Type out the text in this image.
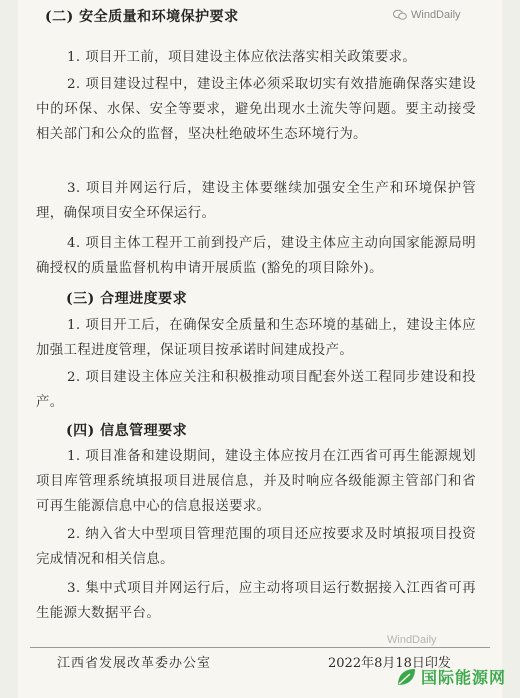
WindDaily
(二) 安全质量和环境保护要求
1. 项目开工前，项目建设主体应依法落实相关政策要求。
2. 项目建设过程中，建设主体必须采取切实有效措施确保落实建设中的环保、水保、安全等要求，避免出现水土流失等问题。要主动接受相关部门和公众的监督，坚决杜绝破坏生态环境行为。
3. 项目并网运行后，建设主体要继续加强安全生产和环境保护管理，确保项目安全环保运行。
4. 项目主体工程开工前到投产后，建设主体应主动向国家能源局明确授权的质量监督机构申请开展质监 (豁免的项目除外)。
(三) 合理进度要求
1. 项目开工后，在确保安全质量和生态环境的基础上，建设主体应加强工程进度管理，保证项目按承诺时间建成投产。
2. 项目建设主体应关注和积极推动项目配套外送工程同步建设和投产。
(四) 信息管理要求
1. 项目准备和建设期间，建设主体应按月在江西省可再生能源规划项目库管理系统填报项目进展信息，并及时响应各级能源主管部门和省可再生能源信息中心的信息报送要求。
2. 纳入省大中型项目管理范围的项目还应按要求及时填报项目投资完成情况和相关信息。
3. 集中式项目并网运行后，应主动将项目运行数据接入江西省可再生能源大数据平台。
WindDaily
江西省发展改革委办公室	2022年8月18日印发
国际能源网
